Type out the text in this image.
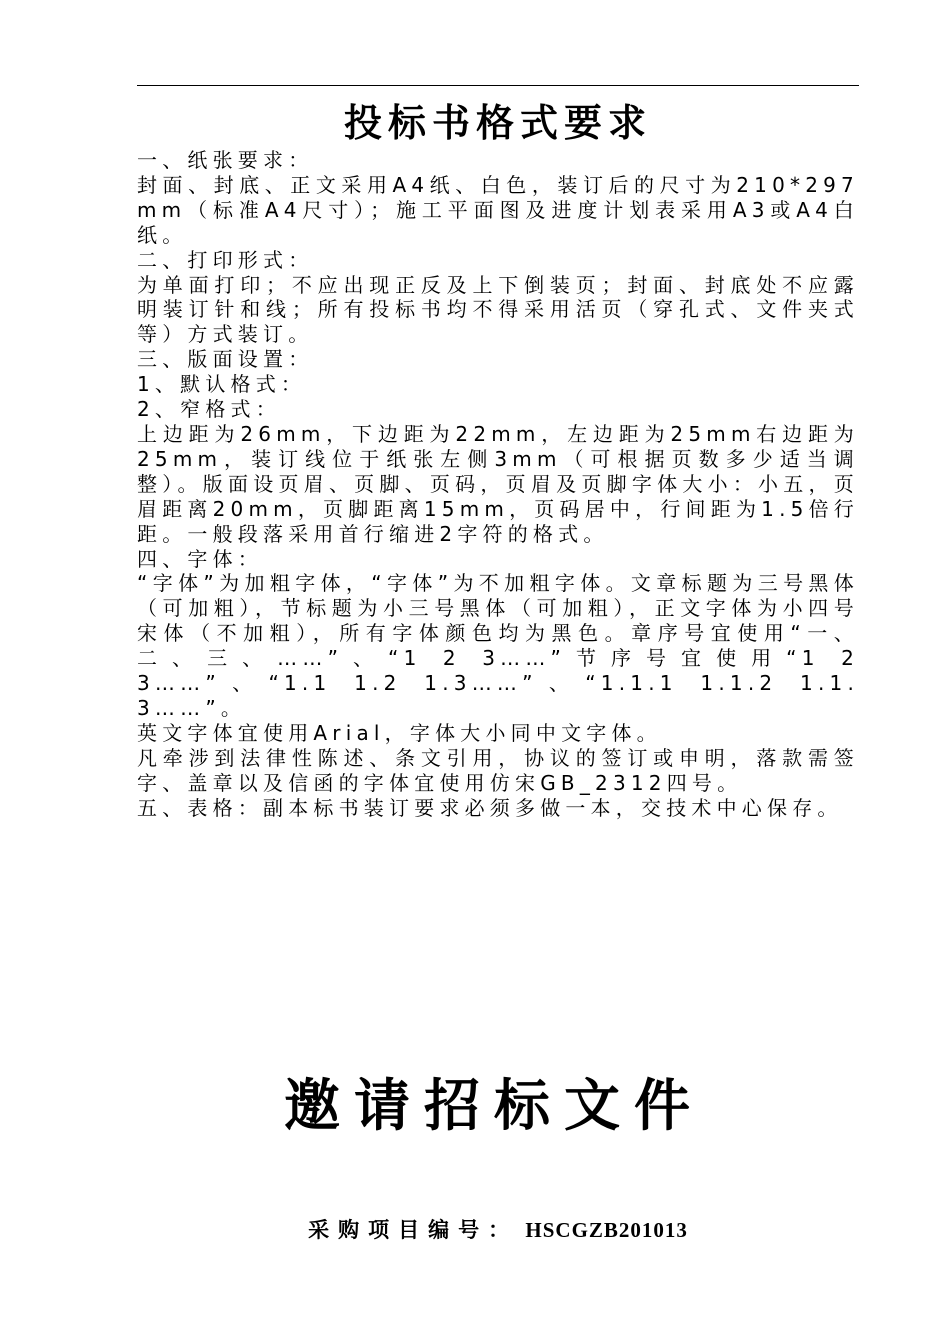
投标书格式要求

一、纸张要求：

封面、封底、正文采用A4纸、白色，装订后的尺寸为210*297mm（标准A4尺寸）；施工平面图及进度计划表采用A3或A4白纸。

二、打印形式：

为单面打印；不应出现正反及上下倒装页；封面、封底处不应露明装订针和线；所有投标书均不得采用活页（穿孔式、文件夹式等）方式装订。

三、版面设置：

1、默认格式：

2、窄格式：

上边距为26mm，下边距为22mm，左边距为25mm右边距为25mm，装订线位于纸张左侧3mm（可根据页数多少适当调整）。版面设页眉、页脚、页码，页眉及页脚字体大小：小五，页眉距离20mm，页脚距离15mm，页码居中，行间距为1.5倍行距。一般段落采用首行缩进2字符的格式。

四、字体：

“字体”为加粗字体，“字体”为不加粗字体。文章标题为三号黑体（可加粗），节标题为小三号黑体（可加粗），正文字体为小四号宋体（不加粗），所有字体颜色均为黑色。章序号宜使用“一、二、三、……”、“1 2 3……”节序号宜使用“1 2 3……”、“1.1 1.2 1.3……”、“1.1.1 1.1.2 1.1.3……”。

英文字体宜使用Arial，字体大小同中文字体。

凡牵涉到法律性陈述、条文引用，协议的签订或申明，落款需签字、盖章以及信函的字体宜使用仿宋GB_2312四号。

五、表格：副本标书装订要求必须多做一本，交技术中心保存。

邀请招标文件
采购项目编号： HSCGZB201013
